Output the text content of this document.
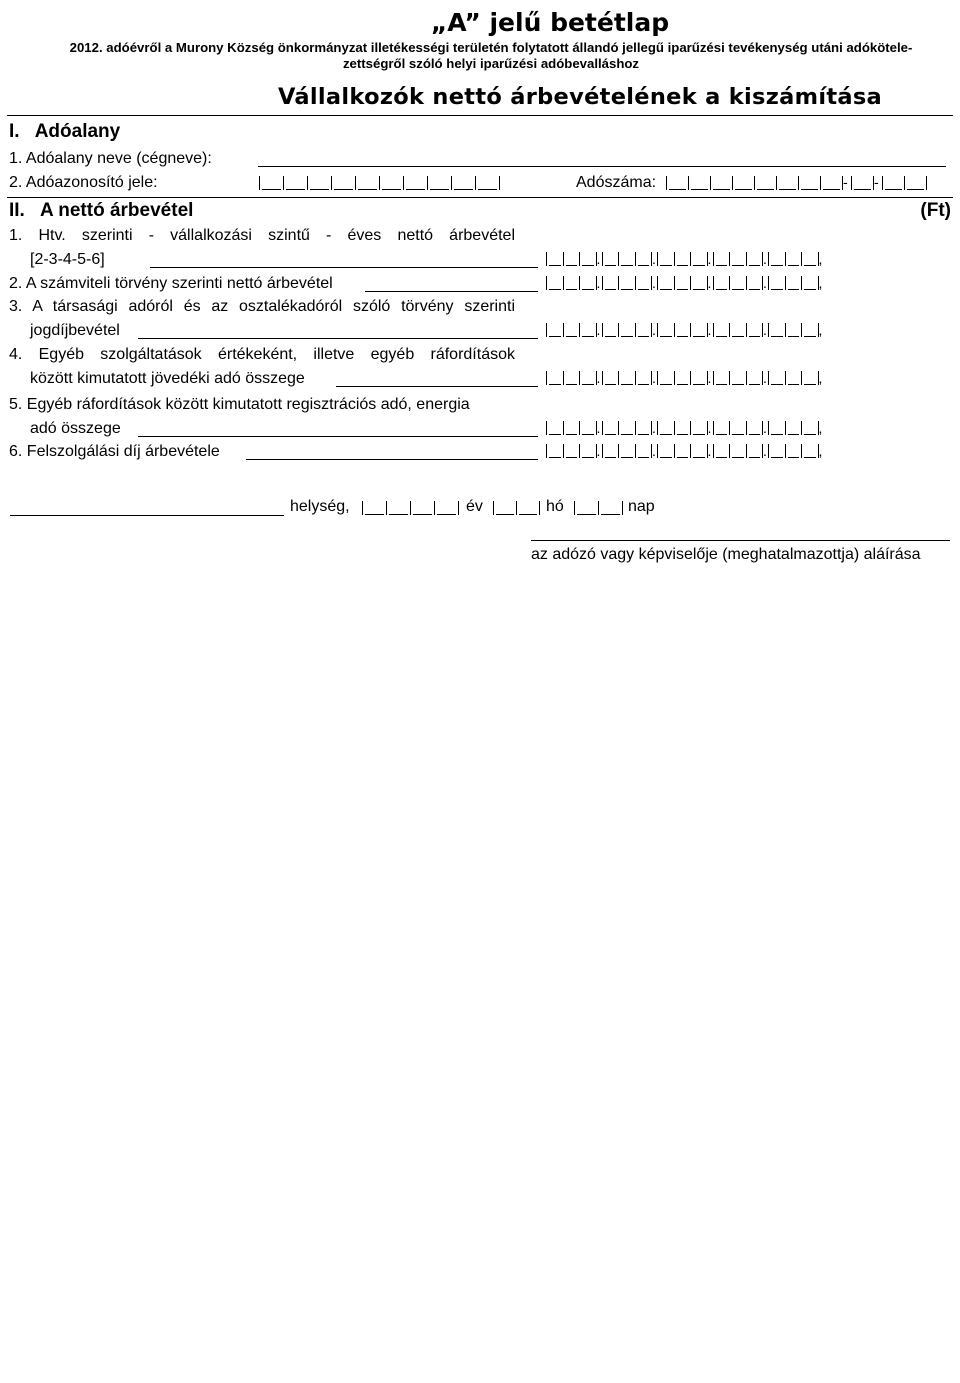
„A” jelű betétlap
2012. adóévről a Murony Község önkormányzat illetékességi területén folytatott állandó jellegű iparűzési tevékenység utáni adókötele-
zettségről szóló helyi iparűzési adóbevalláshoz
Vállalkozók nettó árbevételének a kiszámítása
I.   Adóalany
1. Adóalany neve (cégneve):
2. Adóazonosító jele:	Adószáma:	- -
II.   A nettó árbevétel	(Ft)
1. Htv. szerinti - vállalkozási szintű - éves nettó árbevétel
[2-3-4-5-6]	.	.	.	.	,
2. A számviteli törvény szerinti nettó árbevétel	.	.	.	.	,
3. A társasági adóról és az osztalékadóról szóló törvény szerinti
jogdíjbevétel	.	.	.	.	,
4. Egyéb szolgáltatások értékeként, illetve egyéb ráfordítások
között kimutatott jövedéki adó összege	.	.	.	.	,
5. Egyéb ráfordítások között kimutatott regisztrációs adó, energia
adó összege	.	.	.	.	,
6. Felszolgálási díj árbevétele	.	.	.	.	,
helység,	év	hó	nap
az adózó vagy képviselője (meghatalmazottja) aláírása
